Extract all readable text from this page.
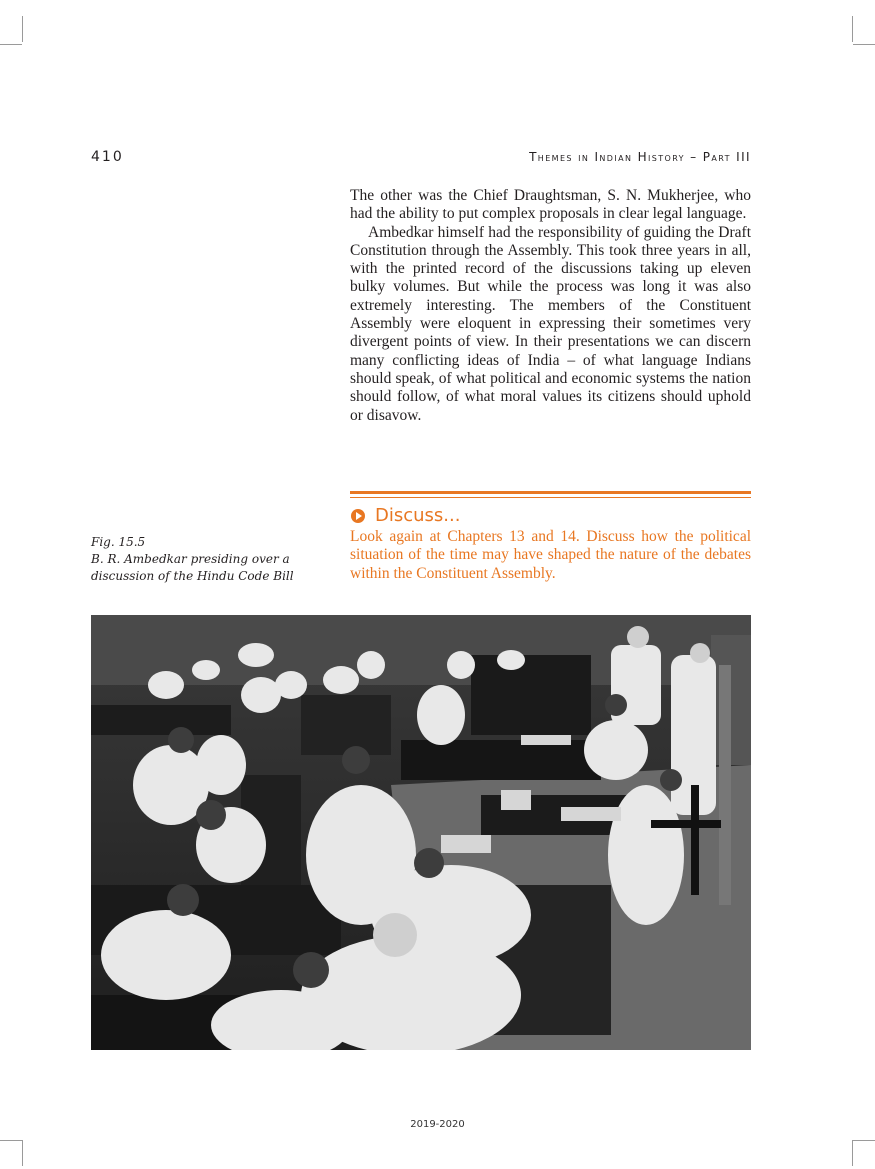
410	Themes in Indian History – Part III

The other was the Chief Draughtsman, S. N. Mukherjee, who had the ability to put complex proposals in clear legal language.

Ambedkar himself had the responsibility of guiding the Draft Constitution through the Assembly. This took three years in all, with the printed record of the discussions taking up eleven bulky volumes. But while the process was long it was also extremely interesting. The members of the Constituent Assembly were eloquent in expressing their sometimes very divergent points of view. In their presentations we can discern many conflicting ideas of India – of what language Indians should speak, of what political and economic systems the nation should follow, of what moral values its citizens should uphold or disavow.

Discuss...

Look again at Chapters 13 and 14. Discuss how the political situation of the time may have shaped the nature of the debates within the Constituent Assembly.

Fig. 15.5
B. R. Ambedkar presiding over a
discussion of the Hindu Code Bill
2019-2020
